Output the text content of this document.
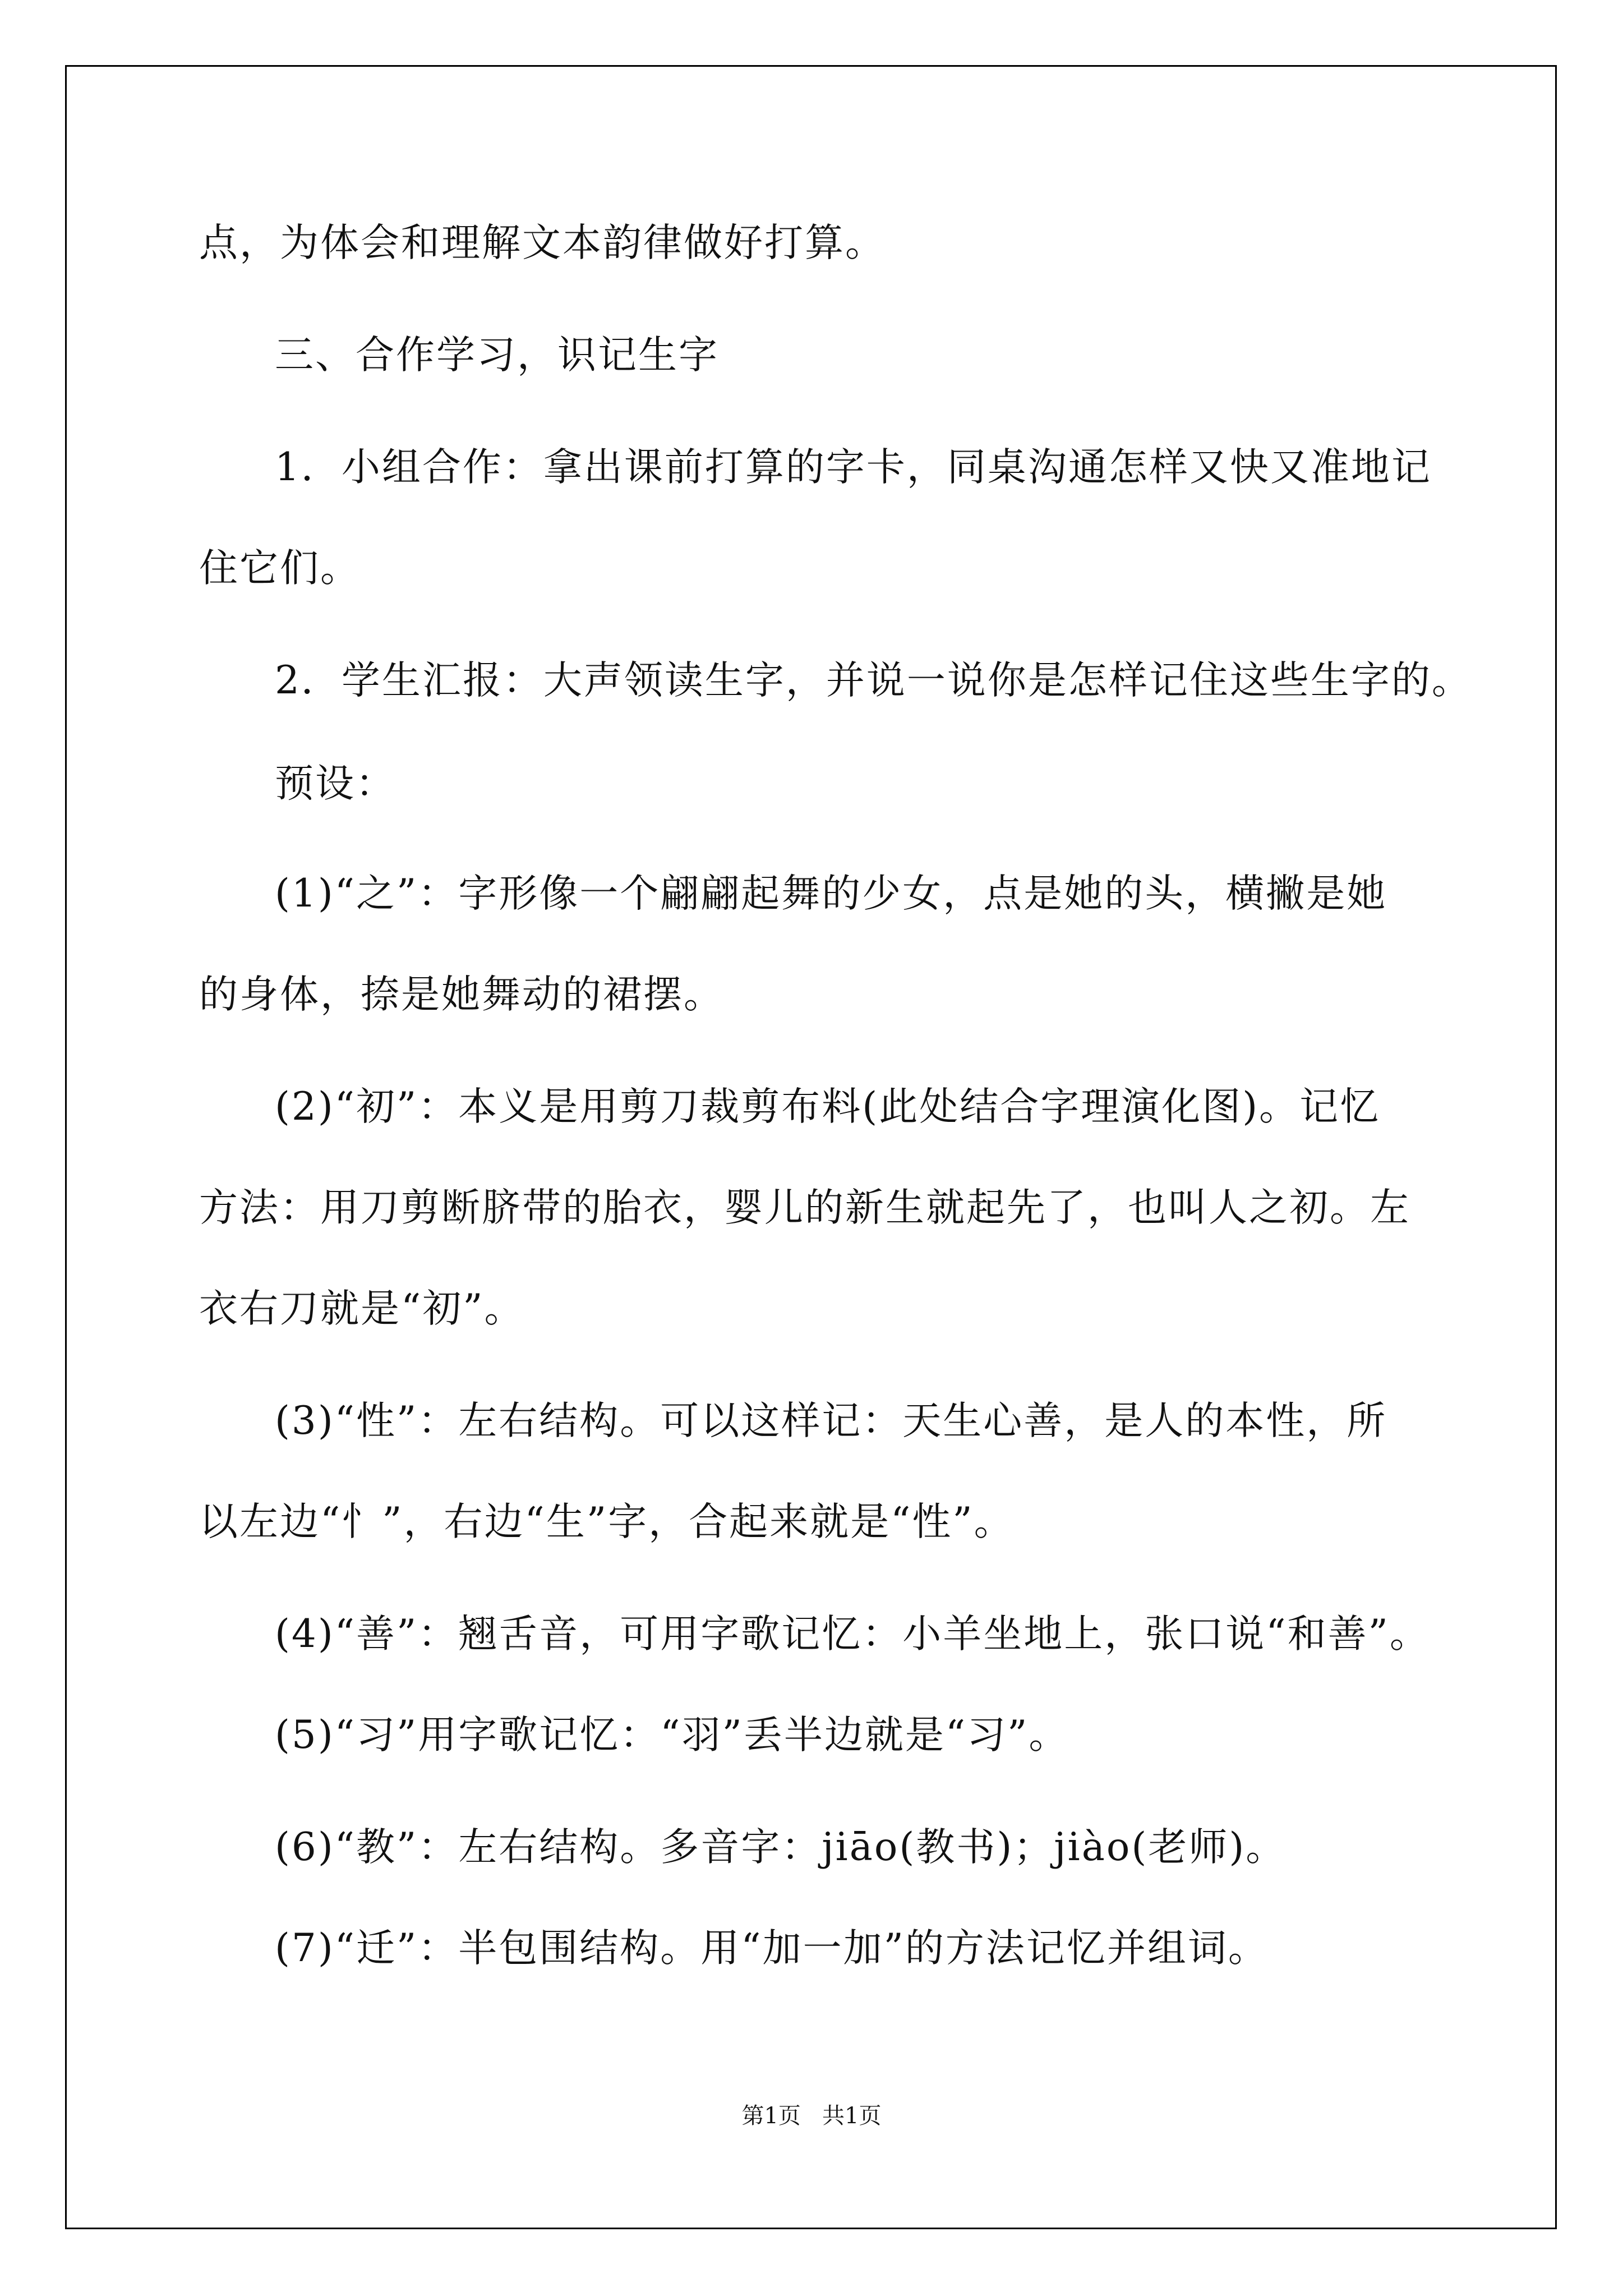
点，为体会和理解文本韵律做好打算。
三、合作学习，识记生字
1．小组合作：拿出课前打算的字卡，同桌沟通怎样又快又准地记
住它们。
2．学生汇报：大声领读生字，并说一说你是怎样记住这些生字的。
预设：
(1)“之”：字形像一个翩翩起舞的少女，点是她的头，横撇是她
的身体，捺是她舞动的裙摆。
(2)“初”：本义是用剪刀裁剪布料(此处结合字理演化图)。记忆
方法：用刀剪断脐带的胎衣，婴儿的新生就起先了，也叫人之初。左
衣右刀就是“初”。
(3)“性”：左右结构。可以这样记：天生心善，是人的本性，所
以左边“忄”，右边“生”字，合起来就是“性”。
(4)“善”：翘舌音，可用字歌记忆：小羊坐地上，张口说“和善”。
(5)“习”用字歌记忆：“羽”丢半边就是“习”。
(6)“教”：左右结构。多音字：jiāo(教书)；jiào(老师)。
(7)“迁”：半包围结构。用“加一加”的方法记忆并组词。
第1页   共1页
